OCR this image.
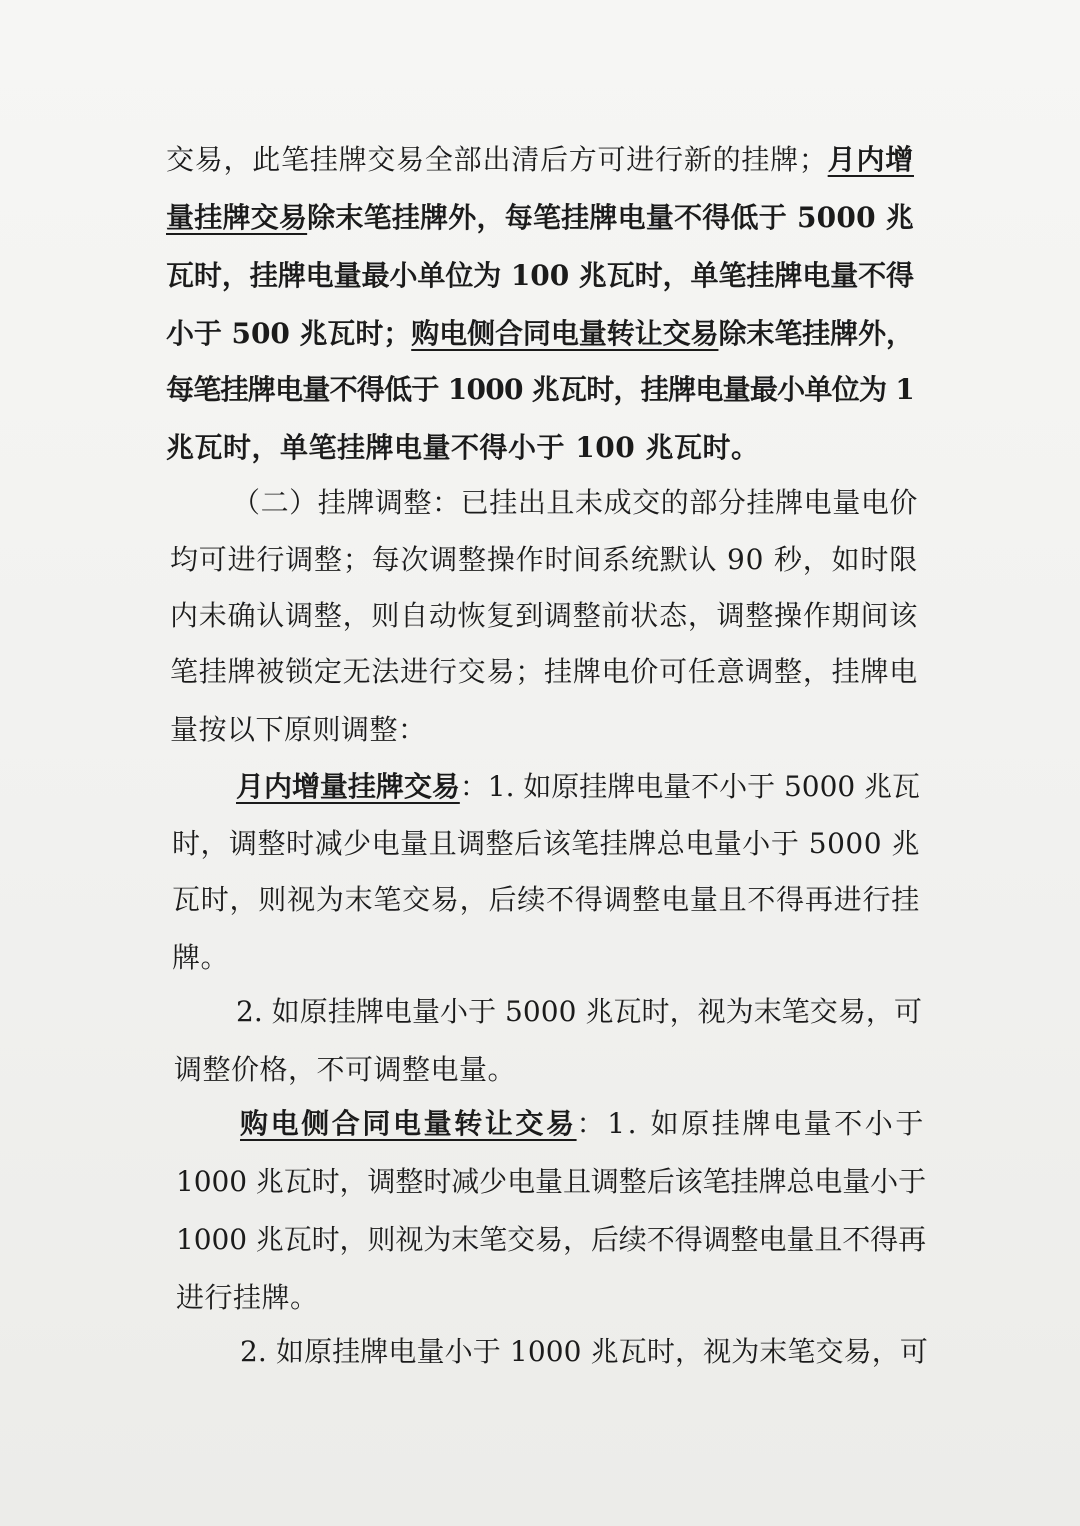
交易，此笔挂牌交易全部出清后方可进行新的挂牌；月内增
量挂牌交易除末笔挂牌外，每笔挂牌电量不得低于 5000 兆
瓦时，挂牌电量最小单位为 100 兆瓦时，单笔挂牌电量不得
小于 500 兆瓦时；购电侧合同电量转让交易除末笔挂牌外，
每笔挂牌电量不得低于 1000 兆瓦时，挂牌电量最小单位为 1
兆瓦时，单笔挂牌电量不得小于 100 兆瓦时。
（二）挂牌调整：已挂出且未成交的部分挂牌电量电价
均可进行调整；每次调整操作时间系统默认 90 秒，如时限
内未确认调整，则自动恢复到调整前状态，调整操作期间该
笔挂牌被锁定无法进行交易；挂牌电价可任意调整，挂牌电
量按以下原则调整：
月内增量挂牌交易：1. 如原挂牌电量不小于 5000 兆瓦
时，调整时减少电量且调整后该笔挂牌总电量小于 5000 兆
瓦时，则视为末笔交易，后续不得调整电量且不得再进行挂
牌。
2. 如原挂牌电量小于 5000 兆瓦时，视为末笔交易，可
调整价格，不可调整电量。
购电侧合同电量转让交易：1. 如原挂牌电量不小于
1000 兆瓦时，调整时减少电量且调整后该笔挂牌总电量小于
1000 兆瓦时，则视为末笔交易，后续不得调整电量且不得再
进行挂牌。
2. 如原挂牌电量小于 1000 兆瓦时，视为末笔交易，可
